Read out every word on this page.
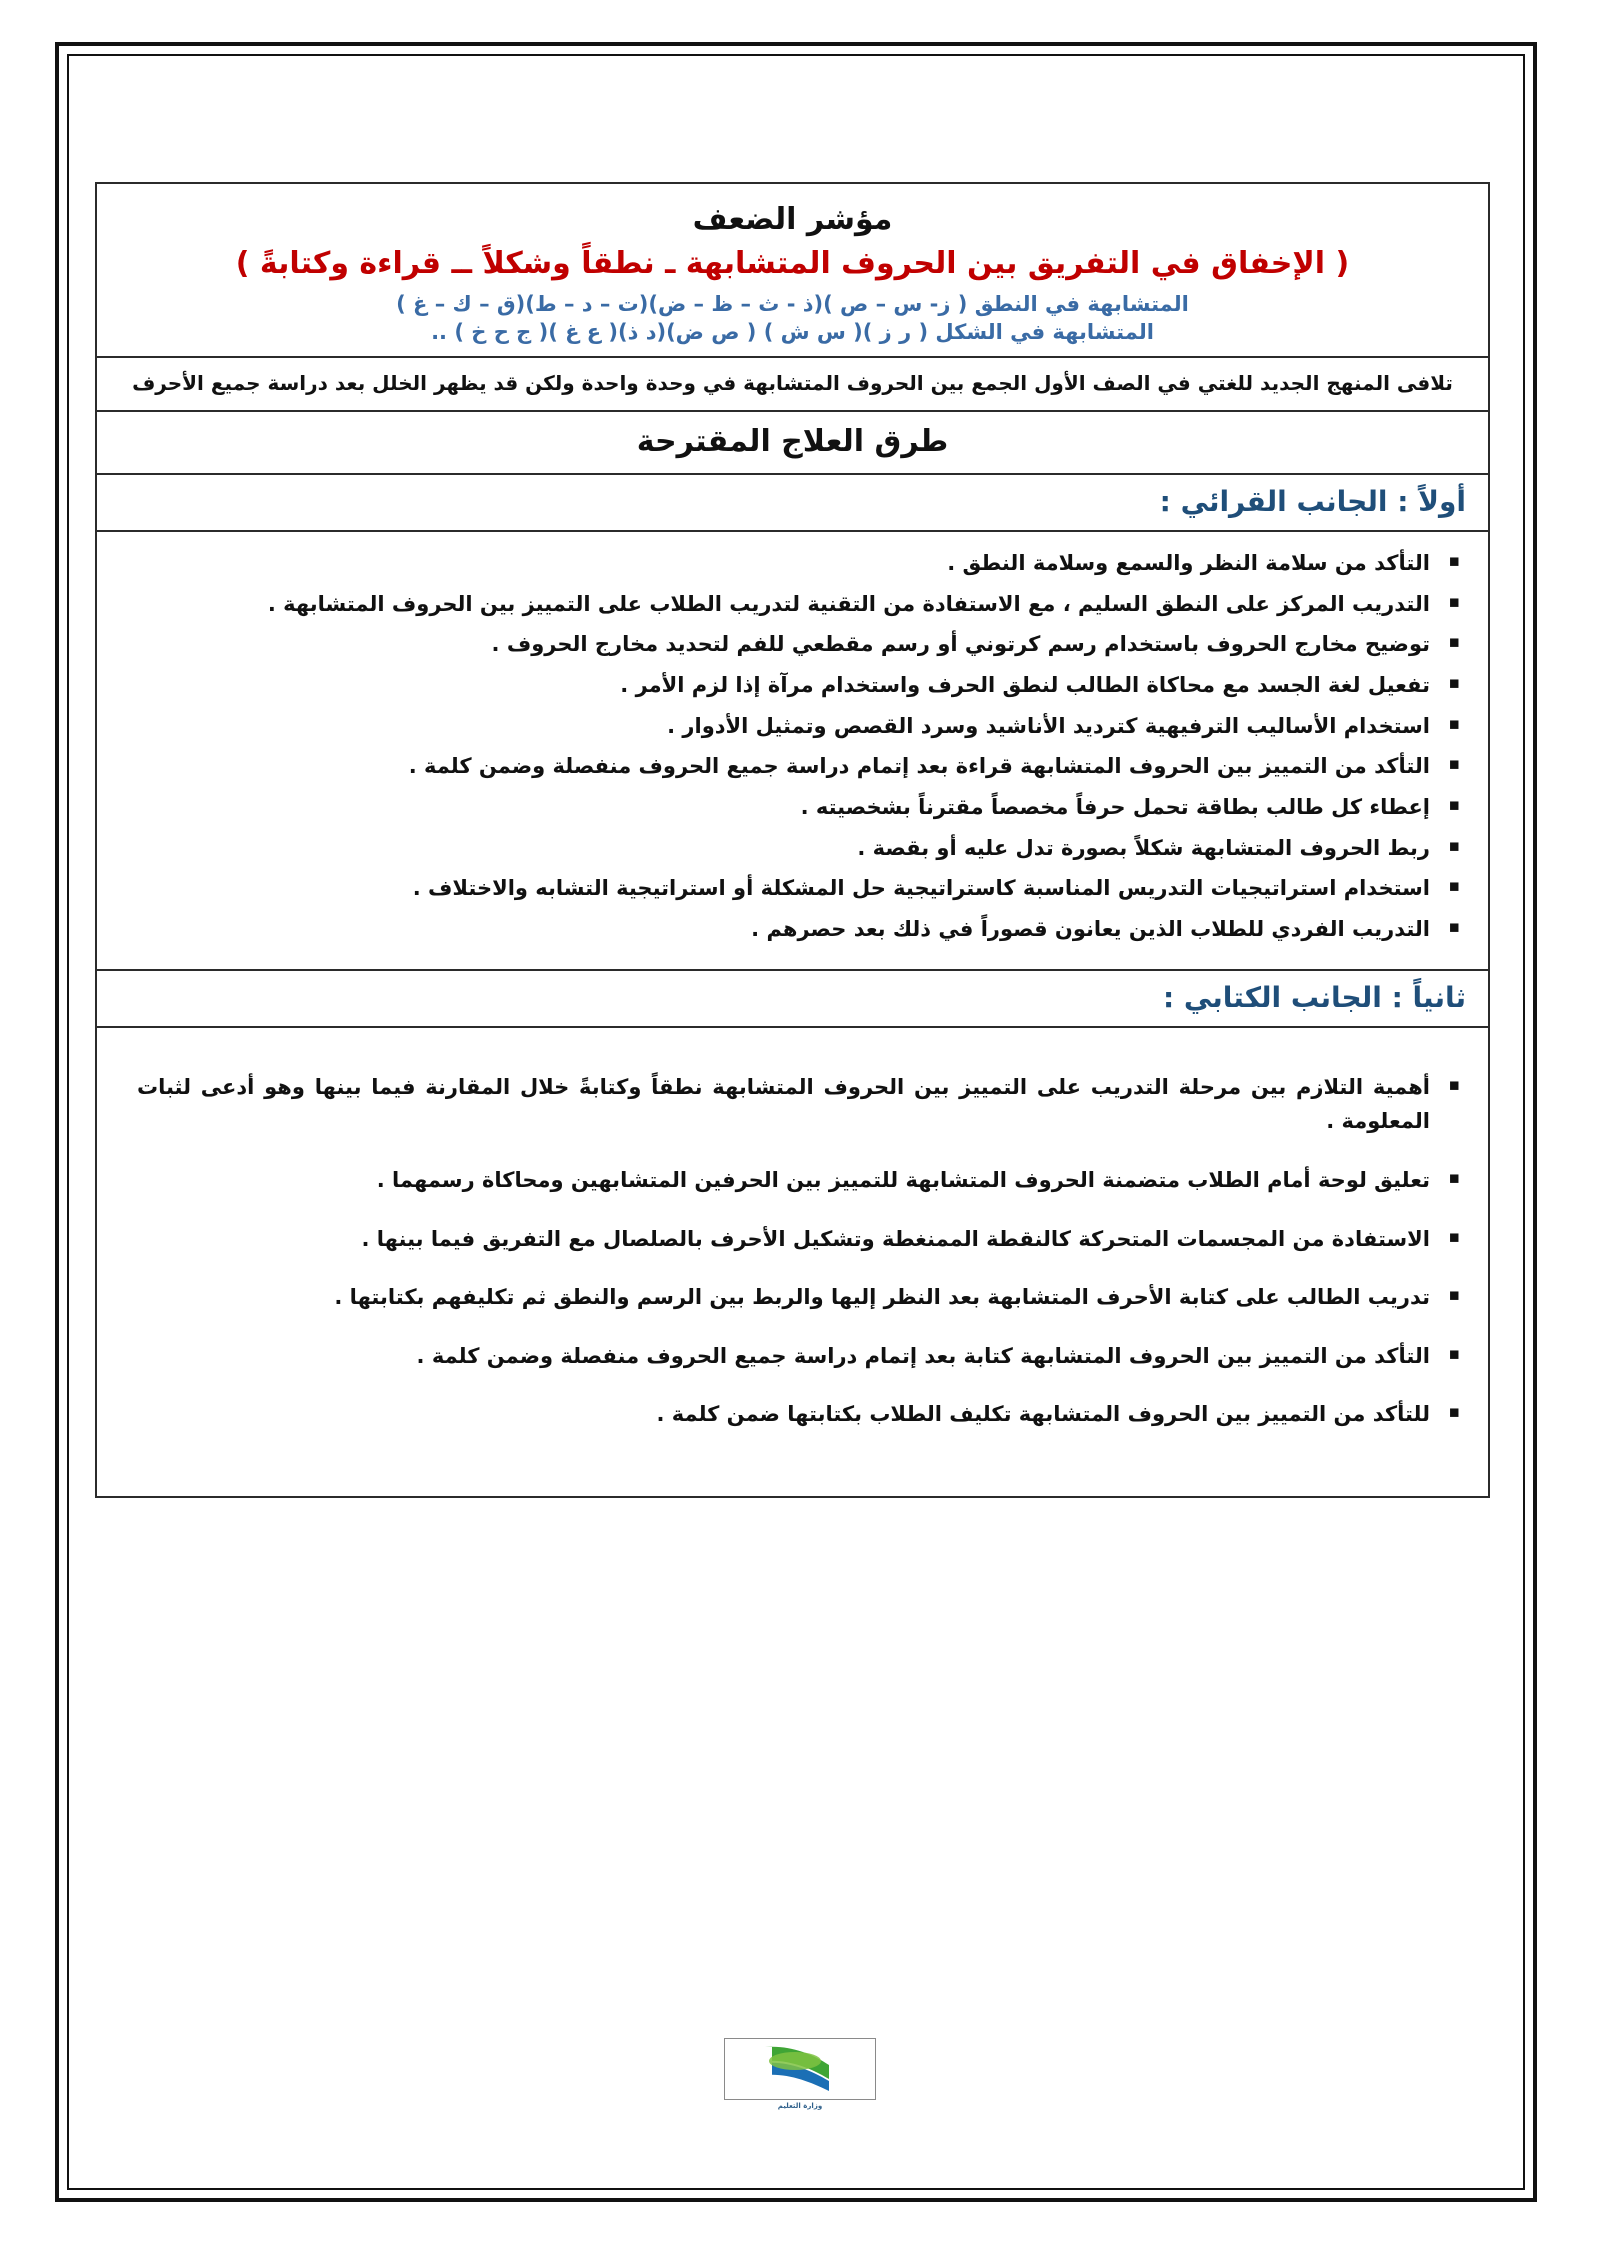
مؤشر الضعف
( الإخفاق في التفريق بين الحروف المتشابهة ـ نطقاً وشكلاً ــ قراءة وكتابةً )
المتشابهة في النطق ( ز- س – ص )(ذ - ث – ظ – ض)(ت – د – ط)(ق – ك – غ )
المتشابهة في الشكل ( ر ز )( س ش ) ( ص ض)(د ذ)( ع غ )( ج ح خ ) ..
تلافى المنهج الجديد للغتي في الصف الأول الجمع بين الحروف المتشابهة في وحدة واحدة ولكن قد يظهر الخلل بعد دراسة جميع الأحرف
طرق العلاج المقترحة
أولاً : الجانب القرائي :
▪ التأكد من سلامة النظر والسمع وسلامة النطق .
▪ التدريب المركز على النطق السليم ، مع الاستفادة من التقنية لتدريب الطلاب على التمييز بين الحروف المتشابهة .
▪ توضيح مخارج الحروف باستخدام رسم كرتوني أو رسم مقطعي للفم لتحديد مخارج الحروف .
▪ تفعيل لغة الجسد مع محاكاة الطالب لنطق الحرف واستخدام مرآة إذا لزم الأمر .
▪ استخدام الأساليب الترفيهية كترديد الأناشيد وسرد القصص وتمثيل الأدوار .
▪ التأكد من التمييز بين الحروف المتشابهة قراءة بعد إتمام دراسة جميع الحروف منفصلة وضمن كلمة .
▪ إعطاء كل طالب بطاقة تحمل حرفاً مخصصاً مقترناً بشخصيته .
▪ ربط الحروف المتشابهة شكلاً بصورة تدل عليه أو بقصة .
▪ استخدام استراتيجيات التدريس المناسبة كاستراتيجية حل المشكلة أو استراتيجية التشابه والاختلاف .
▪ التدريب الفردي للطلاب الذين يعانون قصوراً في ذلك بعد حصرهم .
ثانياً : الجانب الكتابي :
▪ أهمية التلازم بين مرحلة التدريب على التمييز بين الحروف المتشابهة نطقاً وكتابةً خلال المقارنة فيما بينها وهو أدعى لثبات المعلومة .
▪ تعليق لوحة أمام الطلاب متضمنة الحروف المتشابهة للتمييز بين الحرفين المتشابهين ومحاكاة رسمهما .
▪ الاستفادة من المجسمات المتحركة كالنقطة الممنغطة وتشكيل الأحرف بالصلصال مع التفريق فيما بينها .
▪ تدريب الطالب على كتابة الأحرف المتشابهة بعد النظر إليها والربط بين الرسم والنطق ثم تكليفهم بكتابتها .
▪ التأكد من التمييز بين الحروف المتشابهة كتابة بعد إتمام دراسة جميع الحروف منفصلة وضمن كلمة .
▪ للتأكد من التمييز بين الحروف المتشابهة تكليف الطلاب بكتابتها ضمن كلمة .
وزارة التعليم
